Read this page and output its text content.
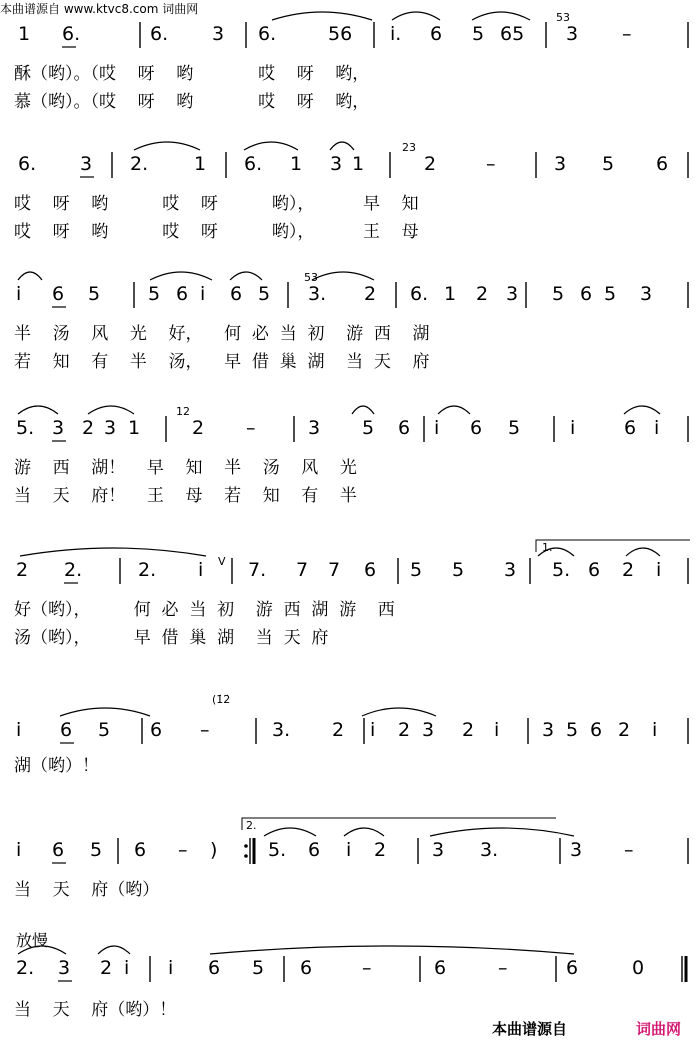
本曲谱源自 www.ktvc8.com 词曲网
1 6.	6. 3 6.	56 i. 6 5 65 3 –
酥（哟）。（哎    呀    哟            哎    呀    哟，
慕（哟）。（哎    呀    哟            哎    呀    哟，
6. 3 2. 1 6. 1 3 1	2	–	3 5 6
哎    呀    哟          哎    呀          哟），         早    知
哎    呀    哟          哎    呀          哟），         王    母
i 6 5	5 6 i 6 5 3. 2 6. 1 2 3 5 6 5 3
半    汤    风    光    好，    何  必  当  初    游  西    湖
若    知    有    半    汤，    早  借  巢  湖    当  天    府
5. 3 2 3 1	2 –	3 5 6 i 6 5	i	6 i
游    西    湖！    早    知    半    汤    风    光
当    天    府！    王    母    若    知    有    半
2 2.	2. i 7. 7 7 6 5 5 3 5. 6 2 i
好（哟），        何  必  当  初    游  西  湖  游    西
汤（哟），        早  借  巢  湖    当  天  府
i 6 5 6 –	3. 2 i 2 3 2 i 3 5 6 2 i
湖（哟）！
i 6 5 6 – )	5. 6 i 2 3 3.	3 –
当    天    府（哟）
2. 3 2 i i 6 5 6	–	6	–	6	0
当    天    府（哟）！
1.
2.
53
23
53
12
V
(1̇2̇
放慢
本曲谱源自	词曲网
